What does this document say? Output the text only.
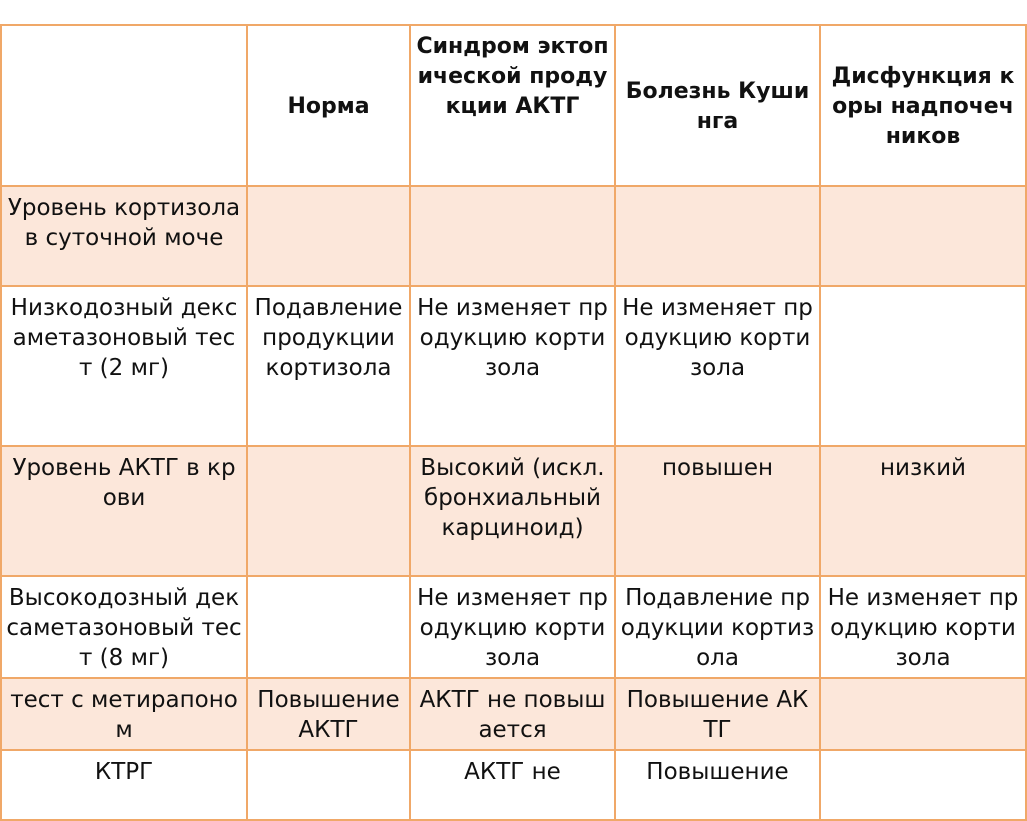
	Норма	Синдром эктопической продукции АКТГ	Болезнь Кушинга	Дисфункция коры надпочечников
Уровень кортизола в суточной моче				
Низкодозный дексаметазоновый тест (2 мг)	Подавление продукции кортизола	Не изменяет продукцию кортизола	Не изменяет продукцию кортизола	
Уровень АКТГ в крови		Высокий (искл. бронхиальный карциноид)	повышен	низкий
Высокодозный дексаметазоновый тест (8 мг)		Не изменяет продукцию кортизола	Подавление продукции кортизола	Не изменяет продукцию кортизола
тест с метирапоном	Повышение АКТГ	АКТГ не повышается	Повышение АКТГ	
КТРГ		АКТГ не	Повышение	
